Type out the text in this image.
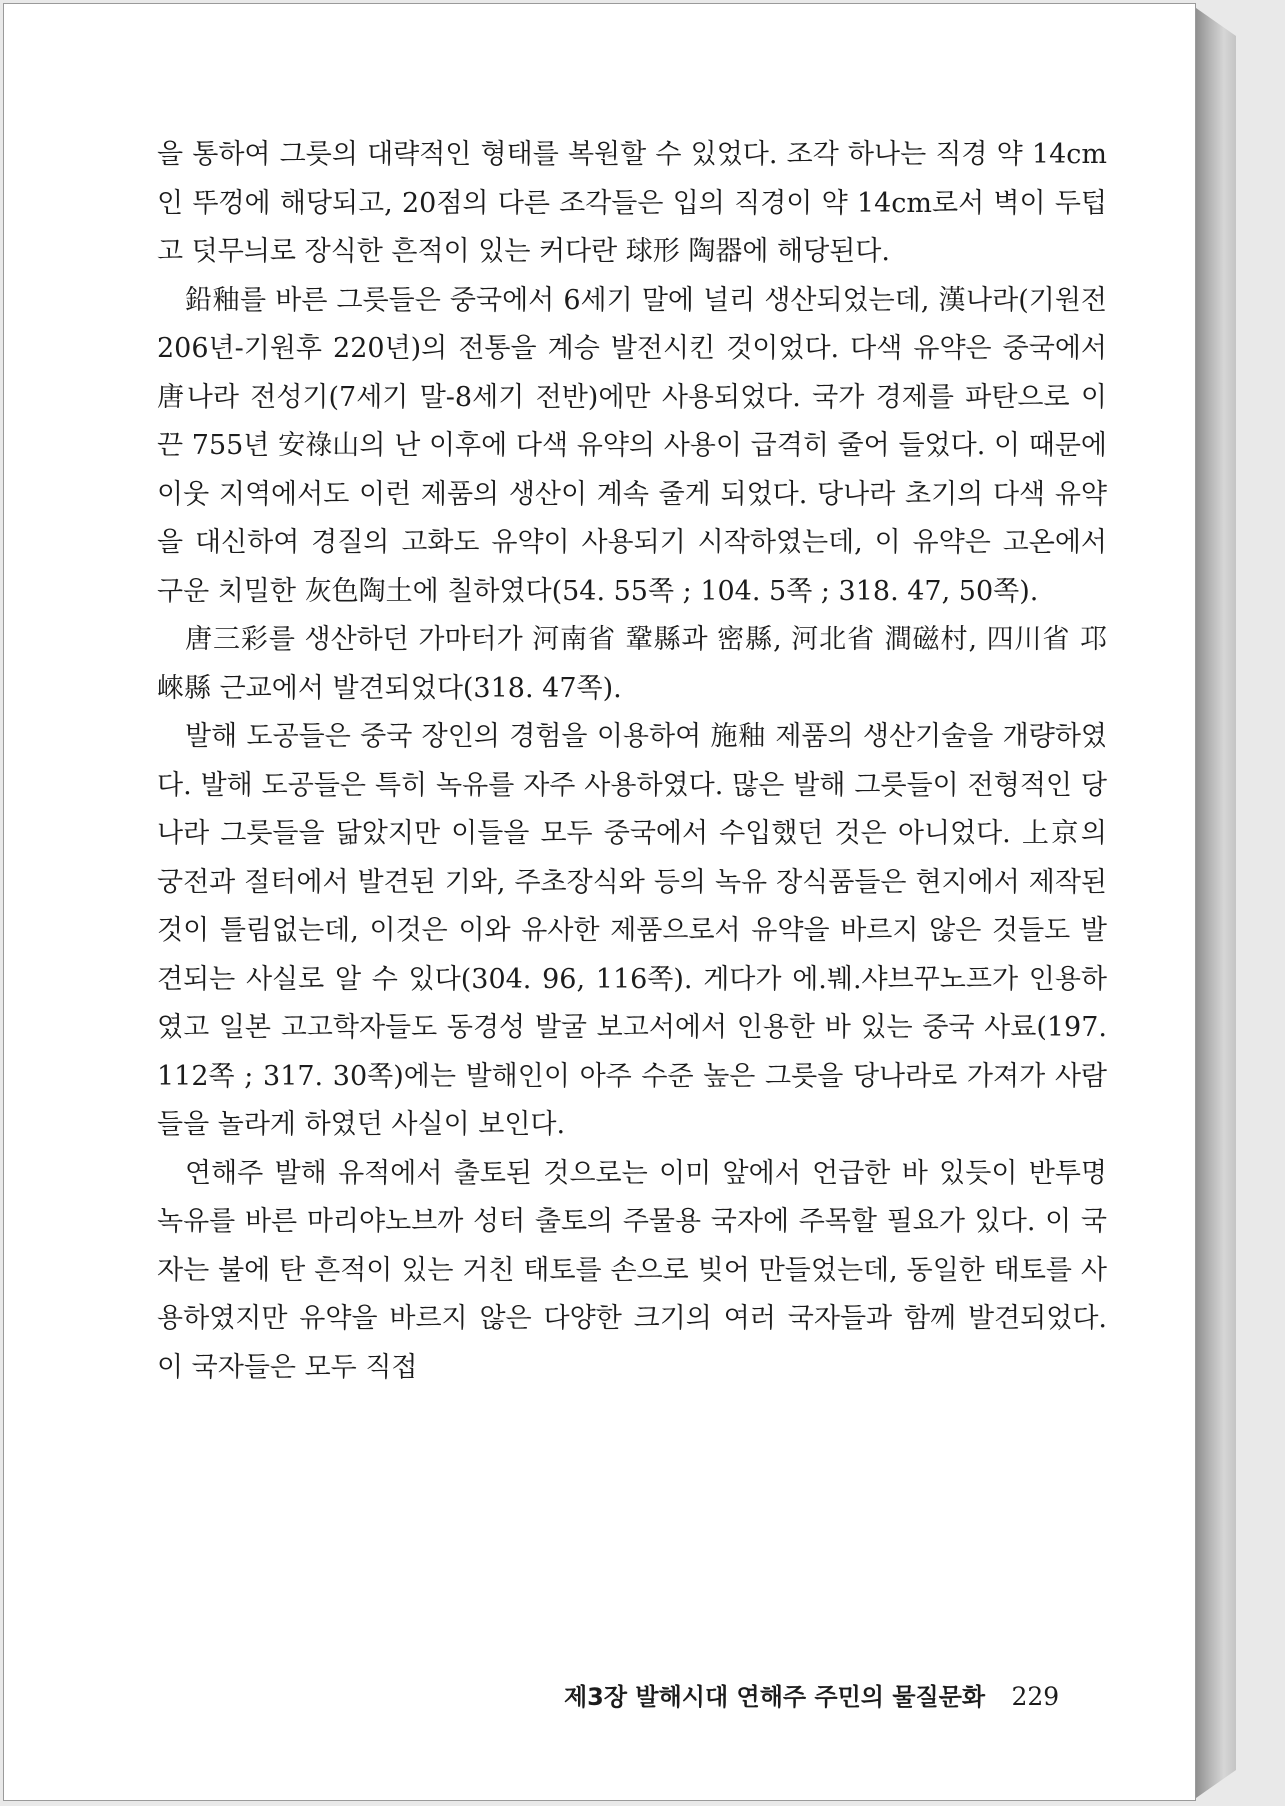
을 통하여 그릇의 대략적인 형태를 복원할 수 있었다. 조각 하나는 직경 약 14cm인 뚜껑에 해당되고, 20점의 다른 조각들은 입의 직경이 약 14cm로서 벽이 두텁고 덧무늬로 장식한 흔적이 있는 커다란 球形 陶器에 해당된다.

鉛釉를 바른 그릇들은 중국에서 6세기 말에 널리 생산되었는데, 漢나라(기원전 206년-기원후 220년)의 전통을 계승 발전시킨 것이었다. 다색 유약은 중국에서 唐나라 전성기(7세기 말-8세기 전반)에만 사용되었다. 국가 경제를 파탄으로 이끈 755년 安祿山의 난 이후에 다색 유약의 사용이 급격히 줄어 들었다. 이 때문에 이웃 지역에서도 이런 제품의 생산이 계속 줄게 되었다. 당나라 초기의 다색 유약을 대신하여 경질의 고화도 유약이 사용되기 시작하였는데, 이 유약은 고온에서 구운 치밀한 灰色陶土에 칠하였다(54. 55쪽 ; 104. 5쪽 ; 318. 47, 50쪽).

唐三彩를 생산하던 가마터가 河南省 鞏縣과 密縣, 河北省 澗磁村, 四川省 邛崍縣 근교에서 발견되었다(318. 47쪽).

발해 도공들은 중국 장인의 경험을 이용하여 施釉 제품의 생산기술을 개량하였다. 발해 도공들은 특히 녹유를 자주 사용하였다. 많은 발해 그릇들이 전형적인 당나라 그릇들을 닮았지만 이들을 모두 중국에서 수입했던 것은 아니었다. 上京의 궁전과 절터에서 발견된 기와, 주초장식와 등의 녹유 장식품들은 현지에서 제작된 것이 틀림없는데, 이것은 이와 유사한 제품으로서 유약을 바르지 않은 것들도 발견되는 사실로 알 수 있다(304. 96, 116쪽). 게다가 에.붸.샤브꾸노프가 인용하였고 일본 고고학자들도 동경성 발굴 보고서에서 인용한 바 있는 중국 사료(197. 112쪽 ; 317. 30쪽)에는 발해인이 아주 수준 높은 그릇을 당나라로 가져가 사람들을 놀라게 하였던 사실이 보인다.

연해주 발해 유적에서 출토된 것으로는 이미 앞에서 언급한 바 있듯이 반투명 녹유를 바른 마리야노브까 성터 출토의 주물용 국자에 주목할 필요가 있다. 이 국자는 불에 탄 흔적이 있는 거친 태토를 손으로 빚어 만들었는데, 동일한 태토를 사용하였지만 유약을 바르지 않은 다양한 크기의 여러 국자들과 함께 발견되었다. 이 국자들은 모두 직접

제3장 발해시대 연해주 주민의 물질문화 229
